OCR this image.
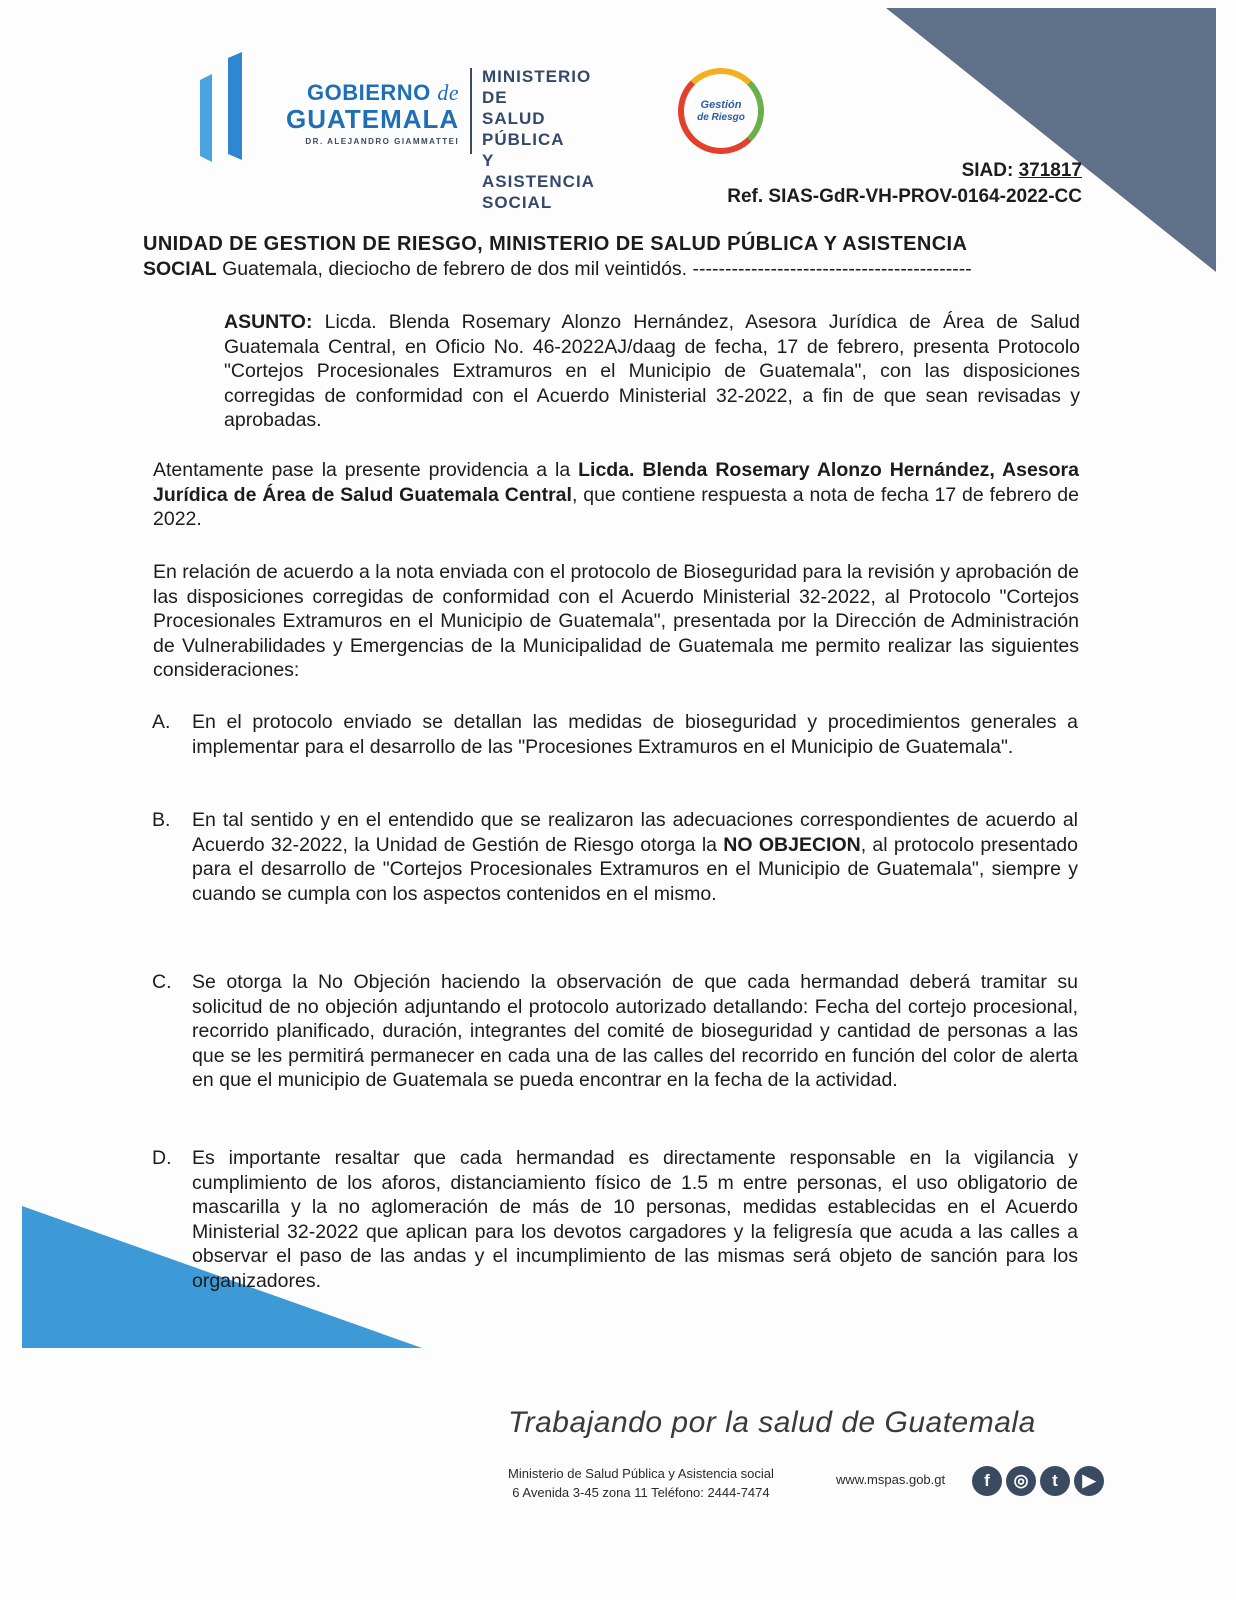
GOBIERNO de
GUATEMALA
DR. ALEJANDRO GIAMMATTEI
MINISTERIO DE
SALUD PÚBLICA
Y ASISTENCIA
SOCIAL
Gestión
de Riesgo
SIAD: 371817
Ref. SIAS-GdR-VH-PROV-0164-2022-CC
UNIDAD DE GESTION DE RIESGO, MINISTERIO DE SALUD PÚBLICA Y ASISTENCIA
SOCIAL Guatemala, dieciocho de febrero de dos mil veintidós. -------------------------------------------
ASUNTO: Licda. Blenda Rosemary Alonzo Hernández, Asesora Jurídica de Área de Salud Guatemala Central, en Oficio No. 46-2022AJ/daag de fecha, 17 de febrero, presenta Protocolo "Cortejos Procesionales Extramuros en el Municipio de Guatemala", con las disposiciones corregidas de conformidad con el Acuerdo Ministerial 32-2022, a fin de que sean revisadas y aprobadas.
Atentamente pase la presente providencia a la Licda. Blenda Rosemary Alonzo Hernández, Asesora Jurídica de Área de Salud Guatemala Central, que contiene respuesta a nota de fecha 17 de febrero de 2022.
En relación de acuerdo a la nota enviada con el protocolo de Bioseguridad para la revisión y aprobación de las disposiciones corregidas de conformidad con el Acuerdo Ministerial 32-2022, al Protocolo "Cortejos Procesionales Extramuros en el Municipio de Guatemala", presentada por la Dirección de Administración de Vulnerabilidades y Emergencias de la Municipalidad de Guatemala me permito realizar las siguientes consideraciones:
A. En el protocolo enviado se detallan las medidas de bioseguridad y procedimientos generales a implementar para el desarrollo de las "Procesiones Extramuros en el Municipio de Guatemala".
B. En tal sentido y en el entendido que se realizaron las adecuaciones correspondientes de acuerdo al Acuerdo 32-2022, la Unidad de Gestión de Riesgo otorga la NO OBJECION, al protocolo presentado para el desarrollo de "Cortejos Procesionales Extramuros en el Municipio de Guatemala", siempre y cuando se cumpla con los aspectos contenidos en el mismo.
C. Se otorga la No Objeción haciendo la observación de que cada hermandad deberá tramitar su solicitud de no objeción adjuntando el protocolo autorizado detallando: Fecha del cortejo procesional, recorrido planificado, duración, integrantes del comité de bioseguridad y cantidad de personas a las que se les permitirá permanecer en cada una de las calles del recorrido en función del color de alerta en que el municipio de Guatemala se pueda encontrar en la fecha de la actividad.
D. Es importante resaltar que cada hermandad es directamente responsable en la vigilancia y cumplimiento de los aforos, distanciamiento físico de 1.5 m entre personas, el uso obligatorio de mascarilla y la no aglomeración de más de 10 personas, medidas establecidas en el Acuerdo Ministerial 32-2022 que aplican para los devotos cargadores y la feligresía que acuda a las calles a observar el paso de las andas y el incumplimiento de las mismas será objeto de sanción para los organizadores.
Trabajando por la salud de Guatemala
Ministerio de Salud Pública y Asistencia social
6 Avenida 3-45 zona 11 Teléfono: 2444-7474
www.mspas.gob.gt	f	◎	t	▶
